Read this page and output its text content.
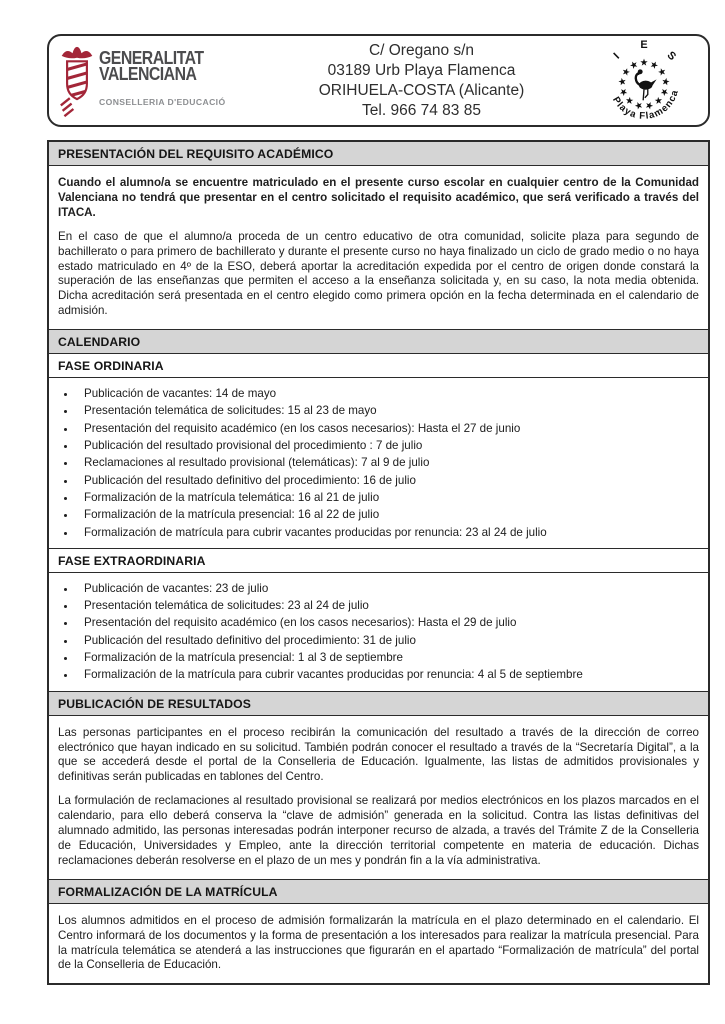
GENERALITAT
VALENCIANA
CONSELLERIA D'EDUCACIÓ
C/ Oregano s/n
03189 Urb Playa Flamenca
ORIHUELA-COSTA (Alicante)
Tel. 966 74 83 85
I
E
S
Playa Flamenca
PRESENTACIÓN DEL REQUISITO ACADÉMICO

Cuando el alumno/a se encuentre matriculado en el presente curso escolar en cualquier centro de la Comunidad Valenciana no tendrá que presentar en el centro solicitado el requisito académico, que será verificado a través del ITACA.

En el caso de que el alumno/a proceda de un centro educativo de otra comunidad, solicite plaza para segundo de bachillerato o para primero de bachillerato y durante el presente curso no haya finalizado un ciclo de grado medio o no haya estado matriculado en 4º de la ESO, deberá aportar la acreditación expedida por el centro de origen donde constará la superación de las enseñanzas que permiten el acceso a la enseñanza solicitada y, en su caso, la nota media obtenida. Dicha acreditación será presentada en el centro elegido como primera opción en la fecha determinada en el calendario de admisión.

CALENDARIO
FASE ORDINARIA
• Publicación de vacantes: 14 de mayo
• Presentación telemática de solicitudes: 15 al 23 de mayo
• Presentación del requisito académico (en los casos necesarios): Hasta el 27 de junio
• Publicación del resultado provisional del procedimiento : 7 de julio
• Reclamaciones al resultado provisional (telemáticas): 7 al 9 de julio
• Publicación del resultado definitivo del procedimiento: 16 de julio
• Formalización de la matrícula telemática: 16 al 21 de julio
• Formalización de la matrícula presencial: 16 al 22 de julio
• Formalización de matrícula para cubrir vacantes producidas por renuncia: 23 al 24 de julio
FASE EXTRAORDINARIA
• Publicación de vacantes: 23 de julio
• Presentación telemática de solicitudes: 23 al 24 de julio
• Presentación del requisito académico (en los casos necesarios): Hasta el 29 de julio
• Publicación del resultado definitivo del procedimiento: 31 de julio
• Formalización de la matrícula presencial: 1 al 3 de septiembre
• Formalización de la matrícula para cubrir vacantes producidas por renuncia: 4 al 5 de septiembre
PUBLICACIÓN DE RESULTADOS

Las personas participantes en el proceso recibirán la comunicación del resultado a través de la dirección de correo electrónico que hayan indicado en su solicitud. También podrán conocer el resultado a través de la “Secretaría Digital”, a la que se accederá desde el portal de la Conselleria de Educación. Igualmente, las listas de admitidos provisionales y definitivas serán publicadas en tablones del Centro.

La formulación de reclamaciones al resultado provisional se realizará por medios electrónicos en los plazos marcados en el calendario, para ello deberá conserva la “clave de admisión” generada en la solicitud. Contra las listas definitivas del alumnado admitido, las personas interesadas podrán interponer recurso de alzada, a través del Trámite Z de la Conselleria de Educación, Universidades y Empleo, ante la dirección territorial competente en materia de educación. Dichas reclamaciones deberán resolverse en el plazo de un mes y pondrán fin a la vía administrativa.

FORMALIZACIÓN DE LA MATRÍCULA

Los alumnos admitidos en el proceso de admisión formalizarán la matrícula en el plazo determinado en el calendario. El Centro informará de los documentos y la forma de presentación a los interesados para realizar la matrícula presencial. Para la matrícula telemática se atenderá a las instrucciones que figurarán en el apartado “Formalización de matrícula” del portal de la Conselleria de Educación.
